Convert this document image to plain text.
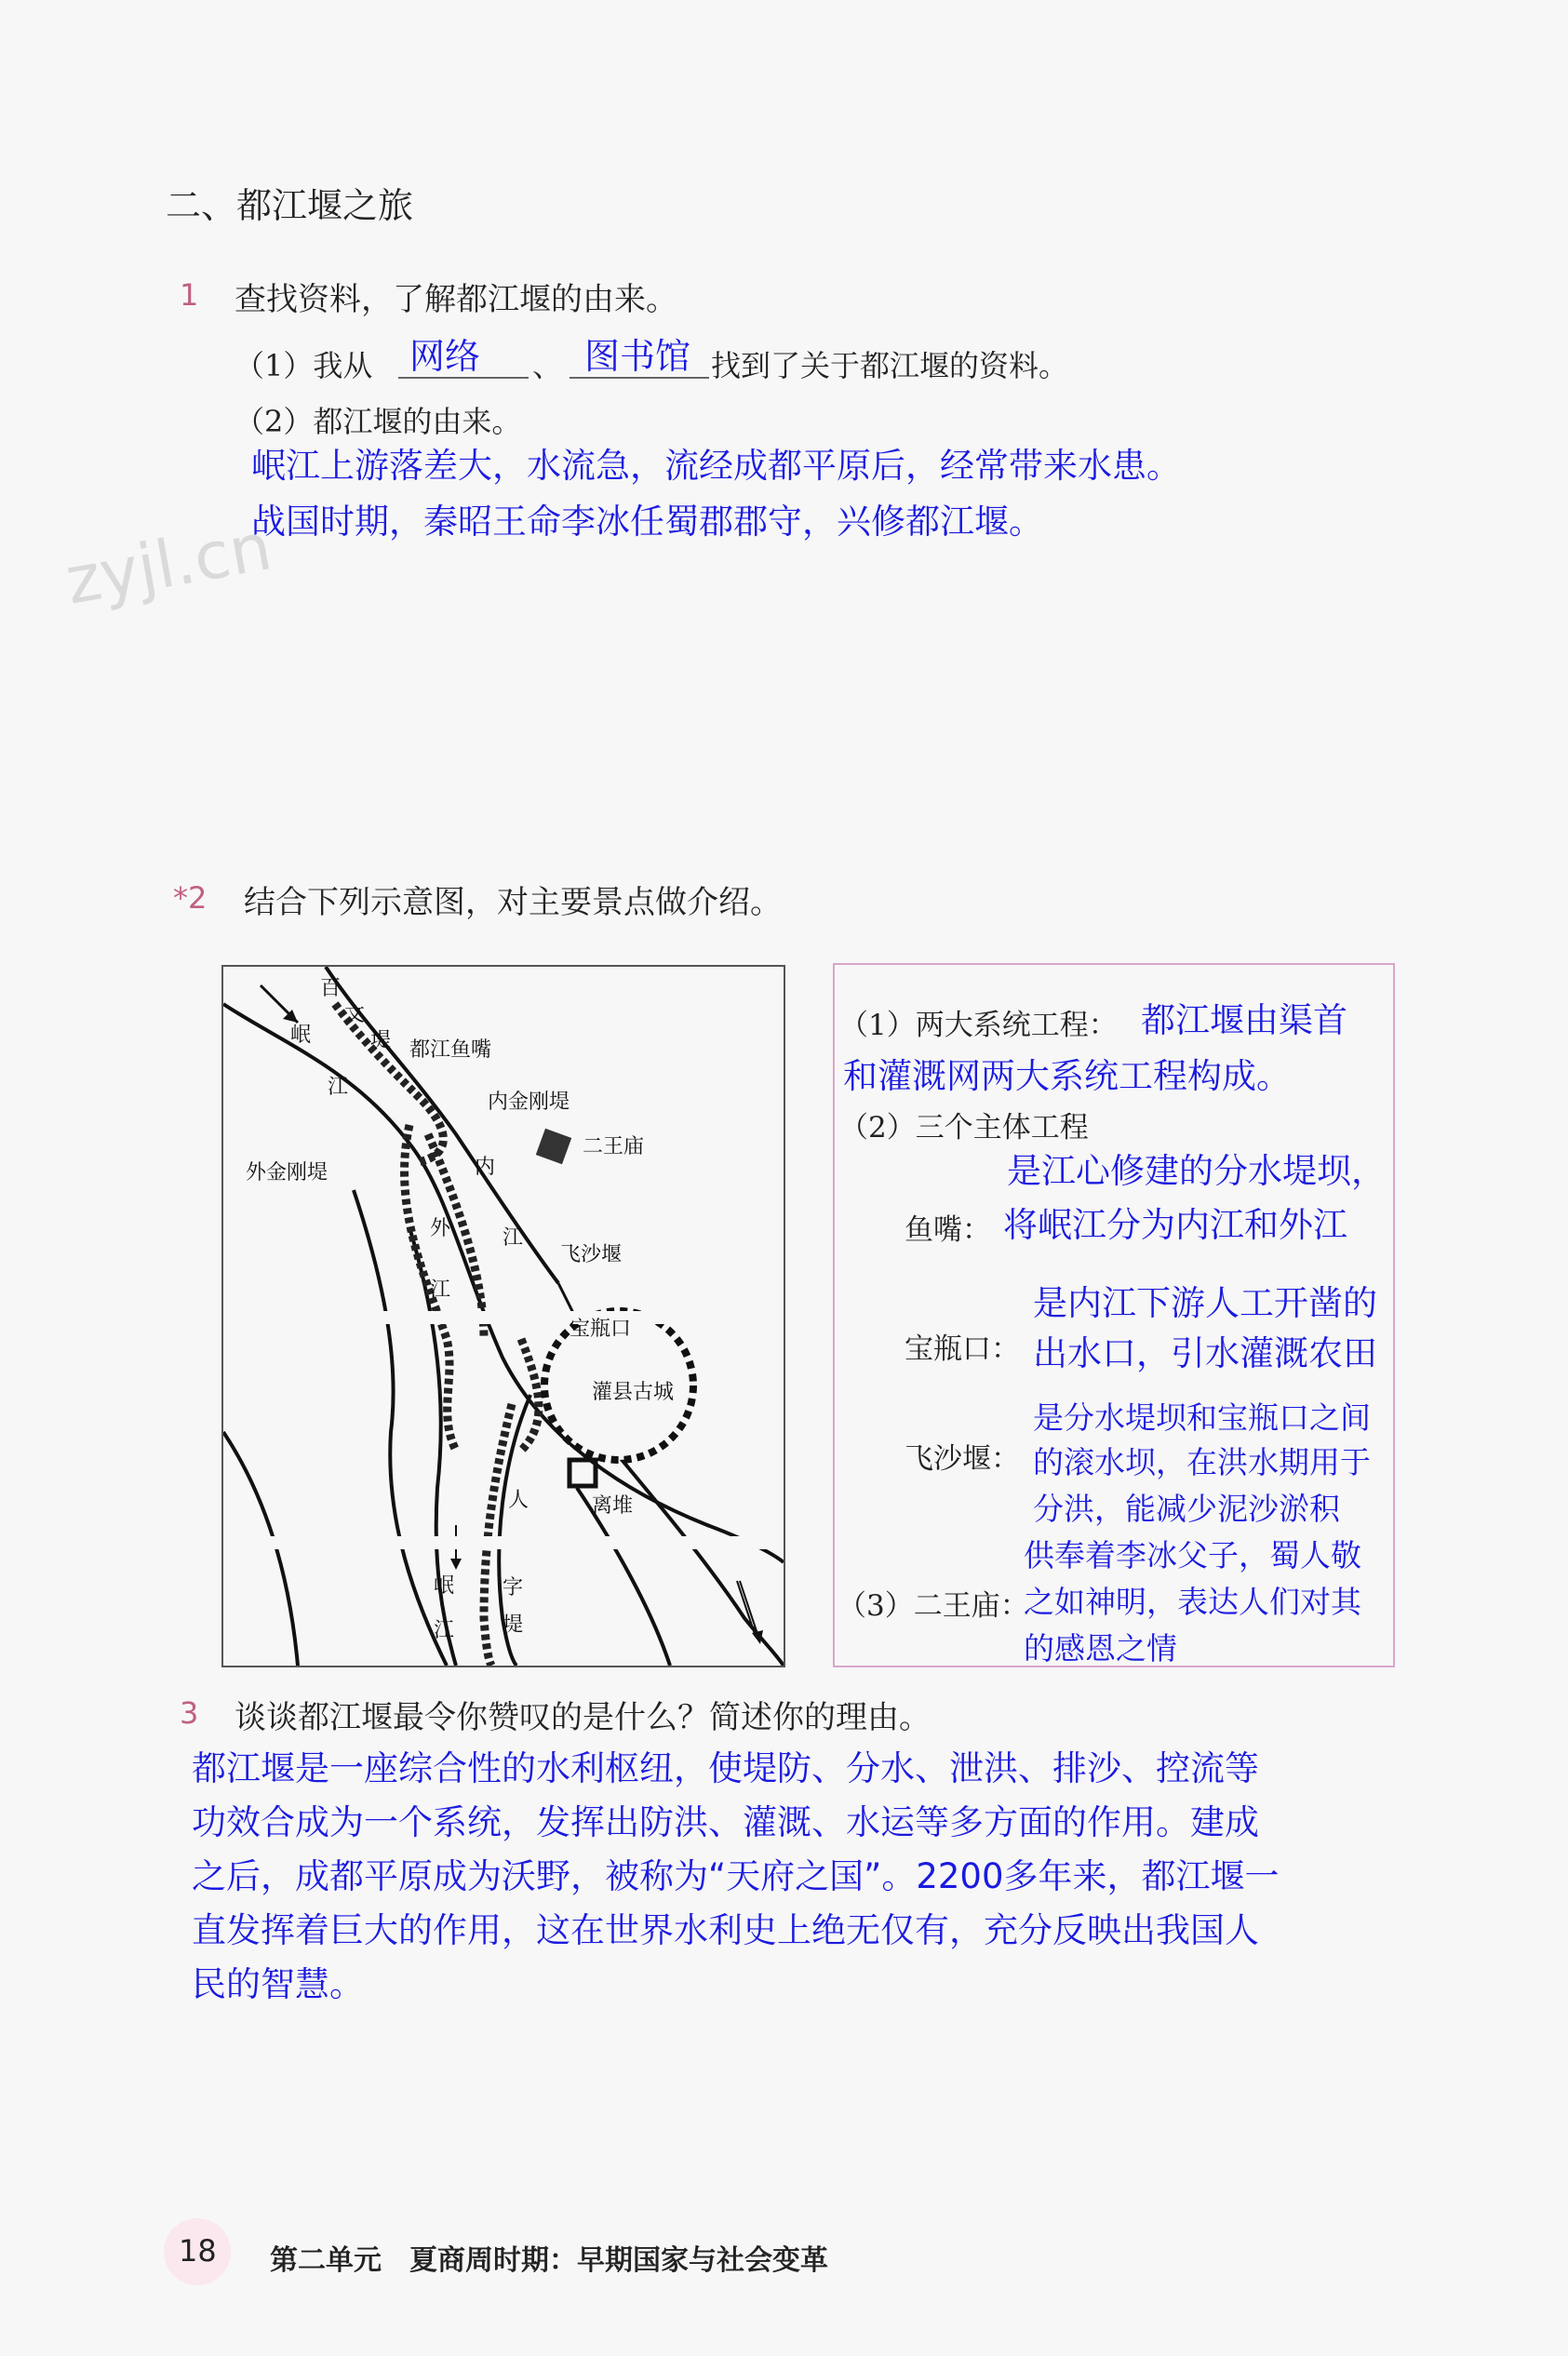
zyjl.cn
二、都江堰之旅
1 查找资料，了解都江堰的由来。
（1）我从 网络 、 图书馆 找到了关于都江堰的资料。
（2）都江堰的由来。
岷江上游落差大，水流急，流经成都平原后，经常带来水患。
战国时期，秦昭王命李冰任蜀郡郡守，兴修都江堰。
*2 结合下列示意图，对主要景点做介绍。
百
文
堤
岷
江
都江鱼嘴
内金刚堤
二王庙
外金刚堤	内
江
外
江
飞沙堰
宝瓶口
灌县古城
离堆
人
字
堤
岷
江
（1）两大系统工程： 都江堰由渠首
和灌溉网两大系统工程构成。
（2）三个主体工程
是江心修建的分水堤坝，
鱼嘴： 将岷江分为内江和外江
是内江下游人工开凿的
宝瓶口： 出水口，引水灌溉农田
是分水堤坝和宝瓶口之间
飞沙堰： 的滚水坝，在洪水期用于
分洪，能减少泥沙淤积
供奉着李冰父子，蜀人敬
（3）二王庙：
之如神明，表达人们对其
的感恩之情
3 谈谈都江堰最令你赞叹的是什么？简述你的理由。
都江堰是一座综合性的水利枢纽，使堤防、分水、泄洪、排沙、控流等
功效合成为一个系统，发挥出防洪、灌溉、水运等多方面的作用。建成
之后，成都平原成为沃野，被称为“天府之国”。2200多年来，都江堰一
直发挥着巨大的作用，这在世界水利史上绝无仅有，充分反映出我国人
民的智慧。
18 第二单元　夏商周时期：早期国家与社会变革
